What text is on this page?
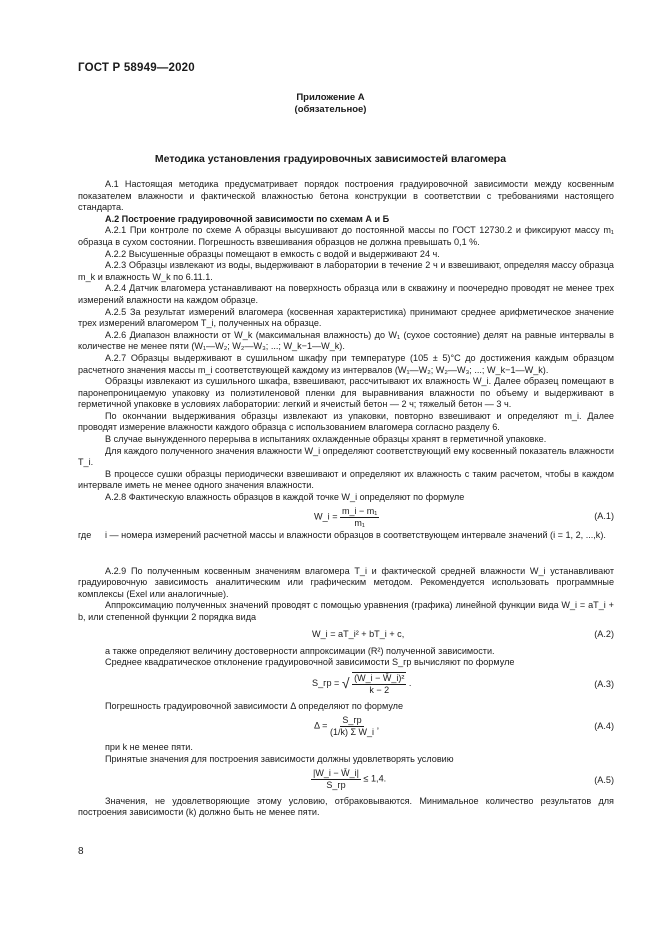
ГОСТ Р 58949—2020
Приложение А
(обязательное)
Методика установления градуировочных зависимостей влагомера

А.1 Настоящая методика предусматривает порядок построения градуировочной зависимости между косвенным показателем влажности и фактической влажностью бетона конструкции в соответствии с требованиями настоящего стандарта.

А.2 Построение градуировочной зависимости по схемам А и Б

А.2.1 При контроле по схеме А образцы высушивают до постоянной массы по ГОСТ 12730.2 и фиксируют массу m₁ образца в сухом состоянии. Погрешность взвешивания образцов не должна превышать 0,1 %.

А.2.2 Высушенные образцы помещают в емкость с водой и выдерживают 24 ч.

А.2.3 Образцы извлекают из воды, выдерживают в лаборатории в течение 2 ч и взвешивают, определяя массу образца m_k и влажность W_k по 6.11.1.

А.2.4 Датчик влагомера устанавливают на поверхность образца или в скважину и поочередно проводят не менее трех измерений влажности на каждом образце.

А.2.5 За результат измерений влагомера (косвенная характеристика) принимают среднее арифметическое значение трех измерений влагомером T_i, полученных на образце.

А.2.6 Диапазон влажности от W_k (максимальная влажность) до W₁ (сухое состояние) делят на равные интервалы в количестве не менее пяти (W₁—W₂; W₂—W₃; ...; W_k−1—W_k).

А.2.7 Образцы выдерживают в сушильном шкафу при температуре (105 ± 5)°С до достижения каждым образцом расчетного значения массы m_i соответствующей каждому из интервалов (W₁—W₂; W₂—W₃; ...; W_k−1—W_k).

Образцы извлекают из сушильного шкафа, взвешивают, рассчитывают их влажность W_i. Далее образец помещают в паронепроницаемую упаковку из полиэтиленовой пленки для выравнивания влажности по объему и выдерживают в герметичной упаковке в условиях лаборатории: легкий и ячеистый бетон — 2 ч; тяжелый бетон — 3 ч.

По окончании выдерживания образцы извлекают из упаковки, повторно взвешивают и определяют m_i. Далее проводят измерение влажности каждого образца с использованием влагомера согласно разделу 6.

В случае вынужденного перерыва в испытаниях охлажденные образцы хранят в герметичной упаковке.

Для каждого полученного значения влажности W_i определяют соответствующий ему косвенный показатель влажности T_i.

В процессе сушки образцы периодически взвешивают и определяют их влажность с таким расчетом, чтобы в каждом интервале иметь не менее одного значения влажности.

А.2.8 Фактическую влажность образцов в каждой точке W_i определяют по формуле

W_i = $\frac{\text{m\_i − m₁}}{\text{m₁}}$	(А.1)
где i — номера измерений расчетной массы и влажности образцов в соответствующем интервале значений (i = 1, 2, ...,k).

А.2.9 По полученным косвенным значениям влагомера T_i и фактической средней влажности W_i устанавливают градуировочную зависимость аналитическим или графическим методом. Рекомендуется использовать программные комплексы (Exel или аналогичные).

Аппроксимацию полученных значений проводят с помощью уравнения (графика) линейной функции вида W_i = aT_i + b, или степенной функции 2 порядка вида

W_i = aT_i² + bT_i + c,	(А.2)

а также определяют величину достоверности аппроксимации (R²) полученной зависимости.

Среднее квадратическое отклонение градуировочной зависимости S_гр вычисляют по формуле

S_гр = √ $\frac{\text{(W\_i − W̄\_i)²}}{k - 2}$ .	(А.3)

Погрешность градуировочной зависимости Δ определяют по формуле

$\Delta = \frac{S\_гр}{\text{(1/k) Σ W\_i}}$ ,	(А.4)

при k не менее пяти.

Принятые значения для построения зависимости должны удовлетворять условию

$\frac{|W\_i - W̄\_i|}{S\_гр} \le 1,4$.	(А.5)

Значения, не удовлетворяющие этому условию, отбраковываются. Минимальное количество результатов для построения зависимости (k) должно быть не менее пяти.

8
